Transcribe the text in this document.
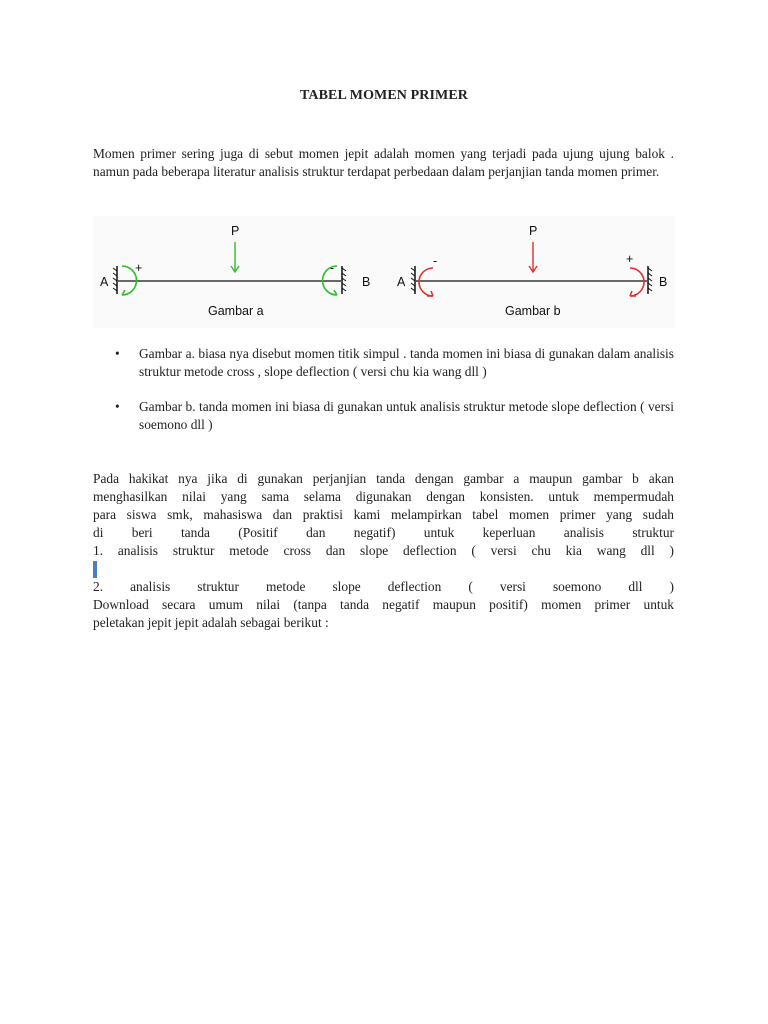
TABEL MOMEN PRIMER
Momen primer sering juga di sebut momen jepit adalah momen yang terjadi pada ujung ujung balok . namun pada beberapa literatur analisis struktur terdapat perbedaan dalam perjanjian tanda momen primer.
P
A	B
+	-
Gambar a
P
A	B
-	+
Gambar b
• Gambar a. biasa nya disebut momen titik simpul . tanda momen ini biasa di gunakan dalam analisis struktur metode cross , slope deflection ( versi chu kia wang dll )
• Gambar b. tanda momen ini biasa di gunakan untuk analisis struktur metode slope deflection ( versi soemono dll )
Pada hakikat nya jika di gunakan perjanjian tanda dengan gambar a maupun gambar b akan
menghasilkan nilai yang sama selama digunakan dengan konsisten. untuk mempermudah
para siswa smk, mahasiswa dan praktisi kami melampirkan tabel momen primer yang sudah
di beri tanda (Positif dan negatif) untuk keperluan analisis struktur
1. analisis struktur metode cross dan slope deflection ( versi chu kia wang dll )
2. analisis struktur metode slope deflection ( versi soemono dll )
Download secara umum nilai (tanpa tanda negatif maupun positif) momen primer untuk
peletakan jepit jepit adalah sebagai berikut :
